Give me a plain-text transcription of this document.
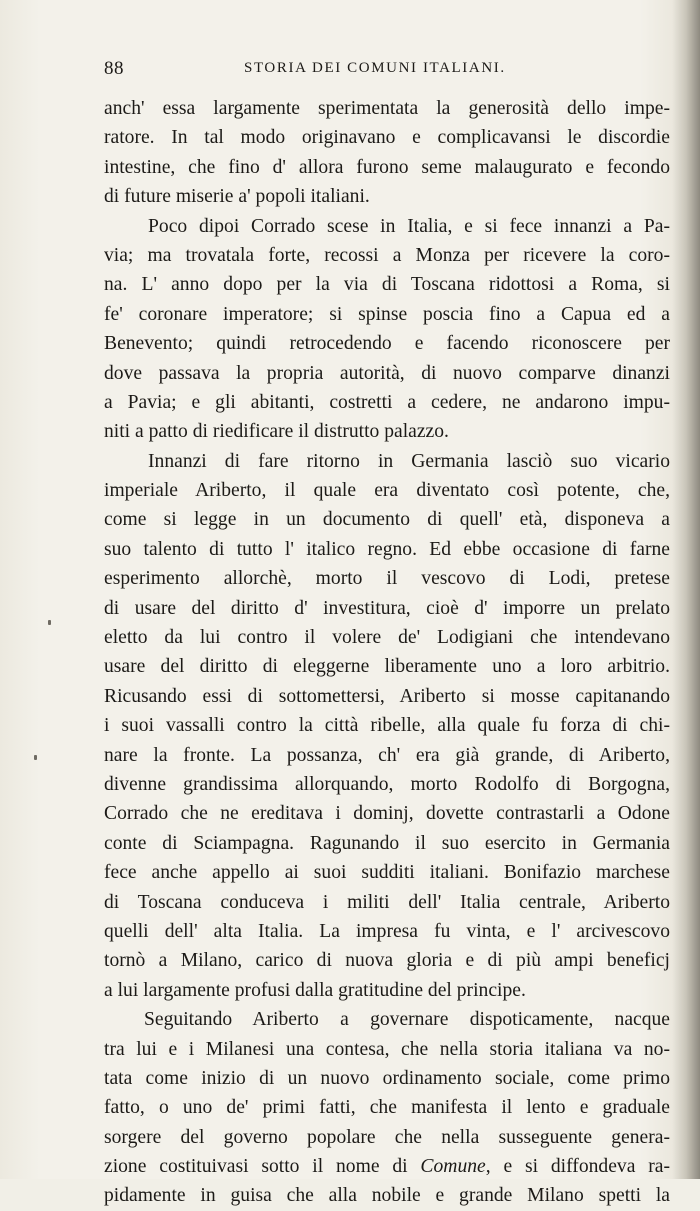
88	STORIA DEI COMUNI ITALIANI.
anch' essa largamente sperimentata la generosità dello impe-
ratore. In tal modo originavano e complicavansi le discordie
intestine, che fino d' allora furono seme malaugurato e fecondo
di future miserie a' popoli italiani.
Poco dipoi Corrado scese in Italia, e si fece innanzi a Pa-
via; ma trovatala forte, recossi a Monza per ricevere la coro-
na. L' anno dopo per la via di Toscana ridottosi a Roma, si
fe' coronare imperatore; si spinse poscia fino a Capua ed a
Benevento; quindi retrocedendo e facendo riconoscere per
dove passava la propria autorità, di nuovo comparve dinanzi
a Pavia; e gli abitanti, costretti a cedere, ne andarono impu-
niti a patto di riedificare il distrutto palazzo.
Innanzi di fare ritorno in Germania lasciò suo vicario
imperiale Ariberto, il quale era diventato così potente, che,
come si legge in un documento di quell' età, disponeva a
suo talento di tutto l' italico regno. Ed ebbe occasione di farne
esperimento allorchè, morto il vescovo di Lodi, pretese
di usare del diritto d' investitura, cioè d' imporre un prelato
eletto da lui contro il volere de' Lodigiani che intendevano
usare del diritto di eleggerne liberamente uno a loro arbitrio.
Ricusando essi di sottomettersi, Ariberto si mosse capitanando
i suoi vassalli contro la città ribelle, alla quale fu forza di chi-
nare la fronte. La possanza, ch' era già grande, di Ariberto,
divenne grandissima allorquando, morto Rodolfo di Borgogna,
Corrado che ne ereditava i dominj, dovette contrastarli a Odone
conte di Sciampagna. Ragunando il suo esercito in Germania
fece anche appello ai suoi sudditi italiani. Bonifazio marchese
di Toscana conduceva i militi dell' Italia centrale, Ariberto
quelli dell' alta Italia. La impresa fu vinta, e l' arcivescovo
tornò a Milano, carico di nuova gloria e di più ampi beneficj
a lui largamente profusi dalla gratitudine del principe.
Seguitando Ariberto a governare dispoticamente, nacque
tra lui e i Milanesi una contesa, che nella storia italiana va no-
tata come inizio di un nuovo ordinamento sociale, come primo
fatto, o uno de' primi fatti, che manifesta il lento e graduale
sorgere del governo popolare che nella susseguente genera-
zione costituivasi sotto il nome di Comune, e si diffondeva ra-
pidamente in guisa che alla nobile e grande Milano spetti la
